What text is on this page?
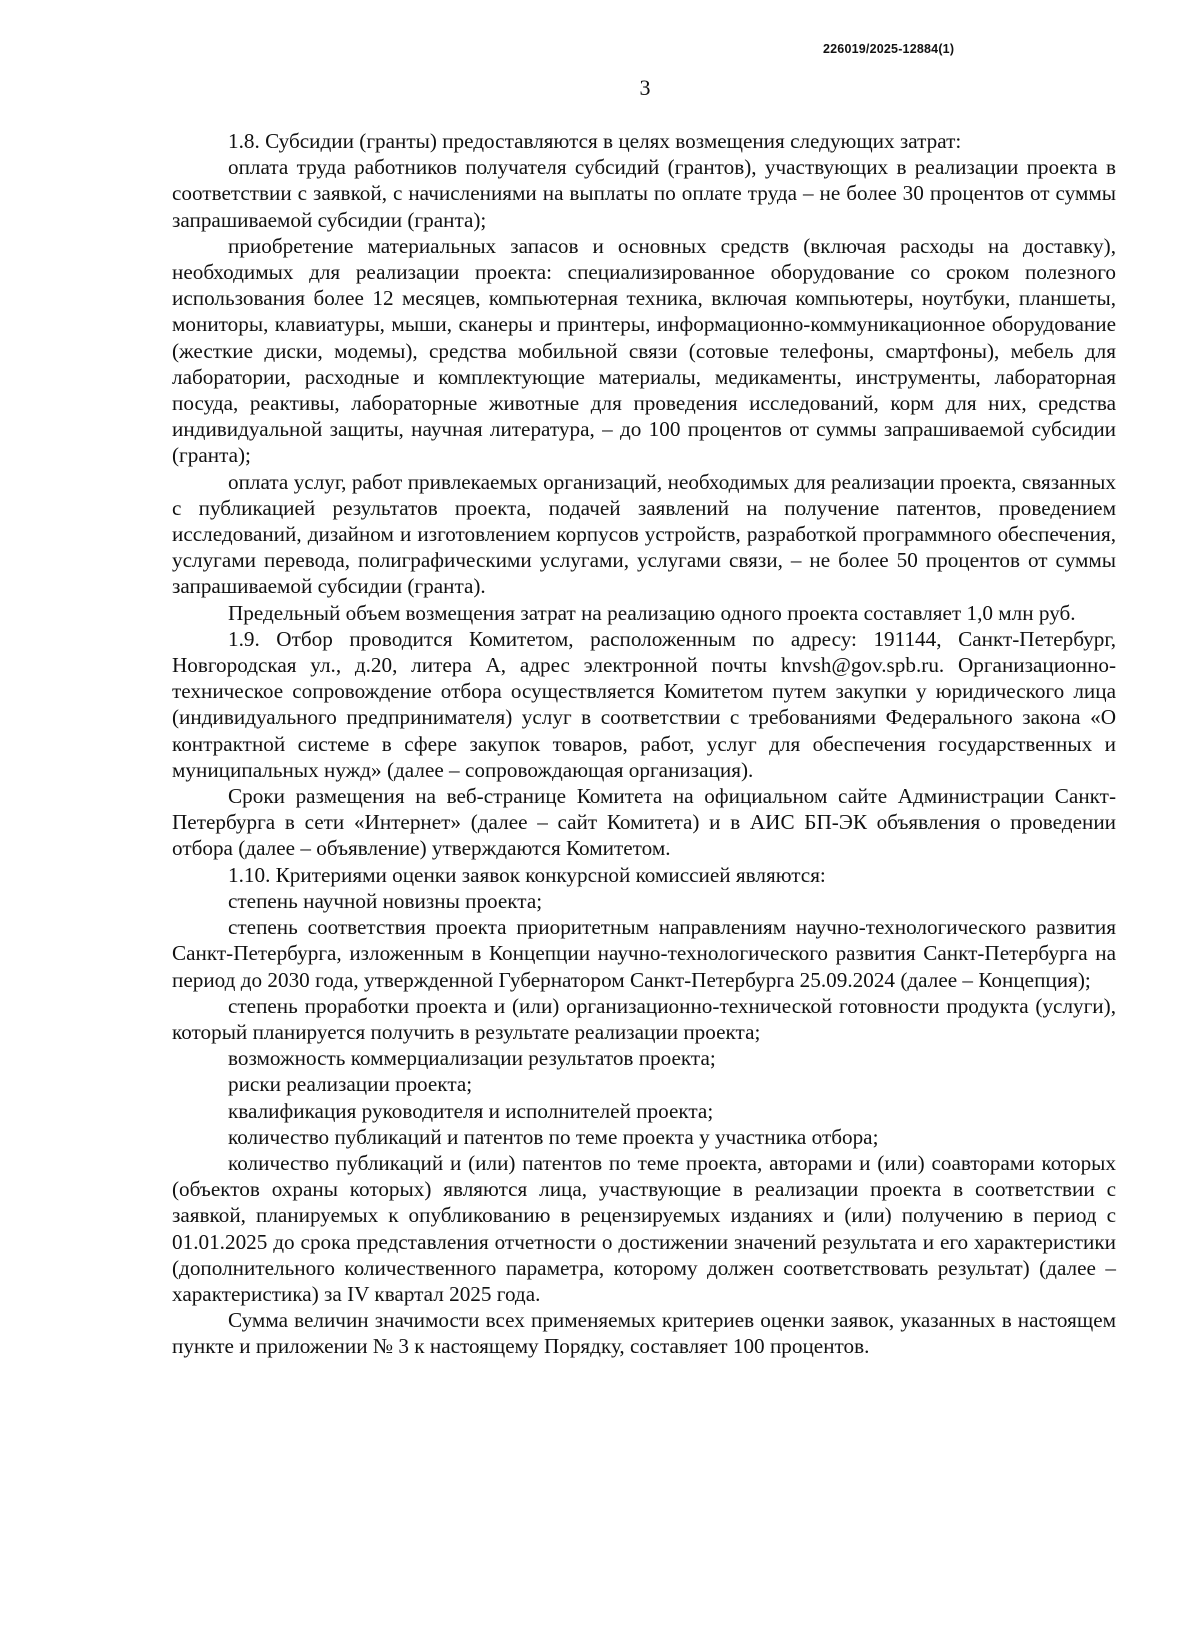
226019/2025-12884(1)
3

1.8. Субсидии (гранты) предоставляются в целях возмещения следующих затрат:

оплата труда работников получателя субсидий (грантов), участвующих в реализации проекта в соответствии с заявкой, с начислениями на выплаты по оплате труда – не более 30 процентов от суммы запрашиваемой субсидии (гранта);

приобретение материальных запасов и основных средств (включая расходы на доставку), необходимых для реализации проекта: специализированное оборудование со сроком полезного использования более 12 месяцев, компьютерная техника, включая компьютеры, ноутбуки, планшеты, мониторы, клавиатуры, мыши, сканеры и принтеры, информационно-коммуникационное оборудование (жесткие диски, модемы), средства мобильной связи (сотовые телефоны, смартфоны), мебель для лаборатории, расходные и комплектующие материалы, медикаменты, инструменты, лабораторная посуда, реактивы, лабораторные животные для проведения исследований, корм для них, средства индивидуальной защиты, научная литература, – до 100 процентов от суммы запрашиваемой субсидии (гранта);

оплата услуг, работ привлекаемых организаций, необходимых для реализации проекта, связанных с публикацией результатов проекта, подачей заявлений на получение патентов, проведением исследований, дизайном и изготовлением корпусов устройств, разработкой программного обеспечения, услугами перевода, полиграфическими услугами, услугами связи, – не более 50 процентов от суммы запрашиваемой субсидии (гранта).

Предельный объем возмещения затрат на реализацию одного проекта составляет 1,0 млн руб.

1.9. Отбор проводится Комитетом, расположенным по адресу: 191144, Санкт-Петербург, Новгородская ул., д.20, литера А, адрес электронной почты knvsh@gov.spb.ru. Организационно-техническое сопровождение отбора осуществляется Комитетом путем закупки у юридического лица (индивидуального предпринимателя) услуг в соответствии с требованиями Федерального закона «О контрактной системе в сфере закупок товаров, работ, услуг для обеспечения государственных и муниципальных нужд» (далее – сопровождающая организация).

Сроки размещения на веб-странице Комитета на официальном сайте Администрации Санкт-Петербурга в сети «Интернет» (далее – сайт Комитета) и в АИС БП-ЭК объявления о проведении отбора (далее – объявление) утверждаются Комитетом.

1.10. Критериями оценки заявок конкурсной комиссией являются:

степень научной новизны проекта;

степень соответствия проекта приоритетным направлениям научно-технологического развития Санкт-Петербурга, изложенным в Концепции научно-технологического развития Санкт-Петербурга на период до 2030 года, утвержденной Губернатором Санкт-Петербурга 25.09.2024 (далее – Концепция);

степень проработки проекта и (или) организационно-технической готовности продукта (услуги), который планируется получить в результате реализации проекта;

возможность коммерциализации результатов проекта;

риски реализации проекта;

квалификация руководителя и исполнителей проекта;

количество публикаций и патентов по теме проекта у участника отбора;

количество публикаций и (или) патентов по теме проекта, авторами и (или) соавторами которых (объектов охраны которых) являются лица, участвующие в реализации проекта в соответствии с заявкой, планируемых к опубликованию в рецензируемых изданиях и (или) получению в период с 01.01.2025 до срока представления отчетности о достижении значений результата и его характеристики (дополнительного количественного параметра, которому должен соответствовать результат) (далее – характеристика) за IV квартал 2025 года.

Сумма величин значимости всех применяемых критериев оценки заявок, указанных в настоящем пункте и приложении № 3 к настоящему Порядку, составляет 100 процентов.
